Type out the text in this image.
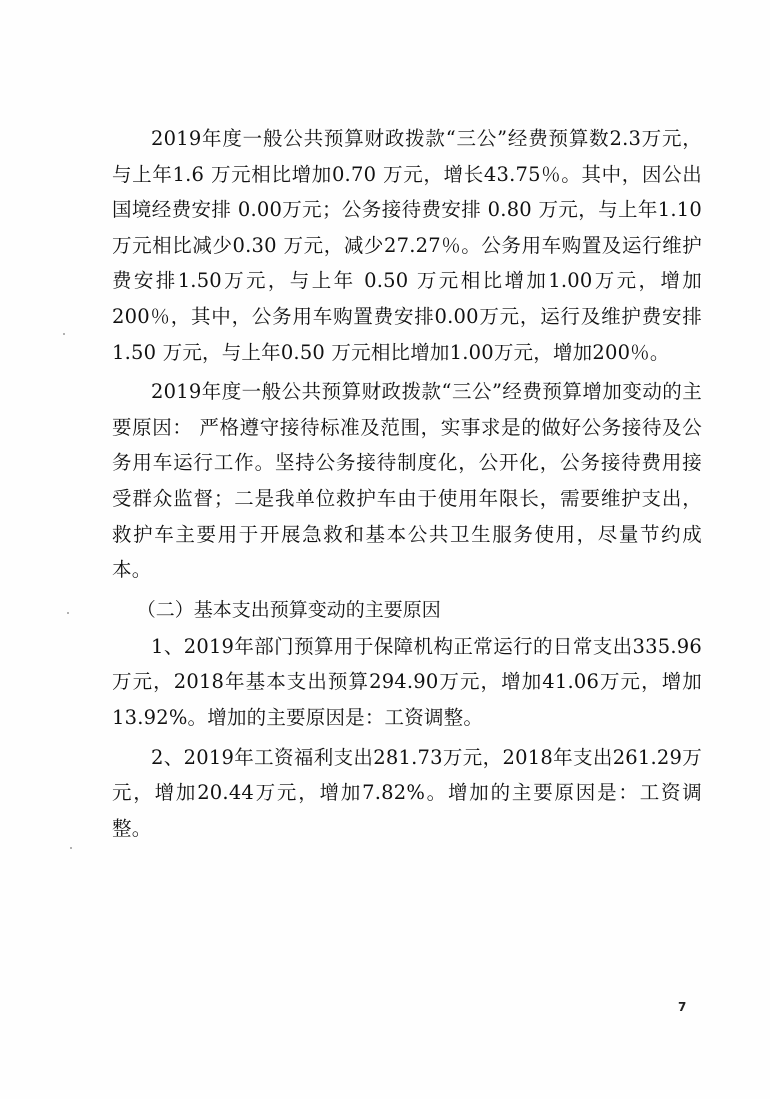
2019年度一般公共预算财政拨款“三公”经费预算数2.3万元，与上年1.6 万元相比增加0.70 万元，增长43.75％。其中，因公出国境经费安排 0.00万元；公务接待费安排 0.80 万元，与上年1.10万元相比减少0.30 万元，减少27.27％。公务用车购置及运行维护费安排1.50万元，与上年 0.50 万元相比增加1.00万元，增加200％，其中，公务用车购置费安排0.00万元，运行及维护费安排1.50 万元，与上年0.50 万元相比增加1.00万元，增加200％。

2019年度一般公共预算财政拨款“三公”经费预算增加变动的主要原因： 严格遵守接待标准及范围，实事求是的做好公务接待及公务用车运行工作。坚持公务接待制度化，公开化，公务接待费用接受群众监督；二是我单位救护车由于使用年限长，需要维护支出，救护车主要用于开展急救和基本公共卫生服务使用，尽量节约成本。

（二）基本支出预算变动的主要原因

1、2019年部门预算用于保障机构正常运行的日常支出335.96万元，2018年基本支出预算294.90万元，增加41.06万元，增加13.92%。增加的主要原因是：工资调整。

2、2019年工资福利支出281.73万元，2018年支出261.29万元，增加20.44万元，增加7.82%。增加的主要原因是：工资调整。

7
